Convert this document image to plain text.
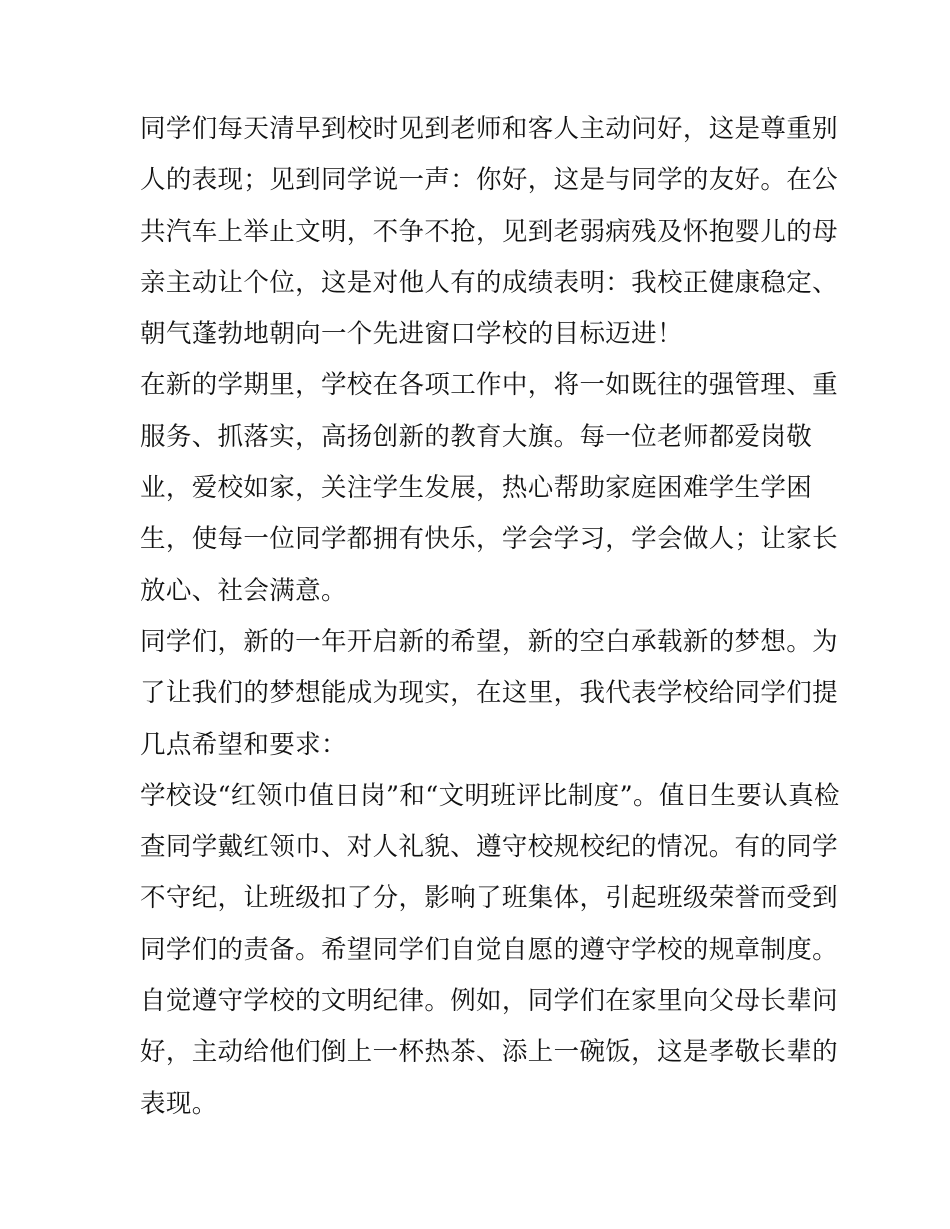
同学们每天清早到校时见到老师和客人主动问好，这是尊重别
人的表现；见到同学说一声：你好，这是与同学的友好。在公
共汽车上举止文明，不争不抢，见到老弱病残及怀抱婴儿的母
亲主动让个位，这是对他人有的成绩表明：我校正健康稳定、
朝气蓬勃地朝向一个先进窗口学校的目标迈进！
在新的学期里，学校在各项工作中，将一如既往的强管理、重
服务、抓落实，高扬创新的教育大旗。每一位老师都爱岗敬
业，爱校如家，关注学生发展，热心帮助家庭困难学生学困
生，使每一位同学都拥有快乐，学会学习，学会做人；让家长
放心、社会满意。
同学们，新的一年开启新的希望，新的空白承载新的梦想。为
了让我们的梦想能成为现实，在这里，我代表学校给同学们提
几点希望和要求：
学校设“红领巾值日岗”和“文明班评比制度”。值日生要认真检
查同学戴红领巾、对人礼貌、遵守校规校纪的情况。有的同学
不守纪，让班级扣了分，影响了班集体，引起班级荣誉而受到
同学们的责备。希望同学们自觉自愿的遵守学校的规章制度。
自觉遵守学校的文明纪律。例如，同学们在家里向父母长辈问
好，主动给他们倒上一杯热茶、添上一碗饭，这是孝敬长辈的
表现。
